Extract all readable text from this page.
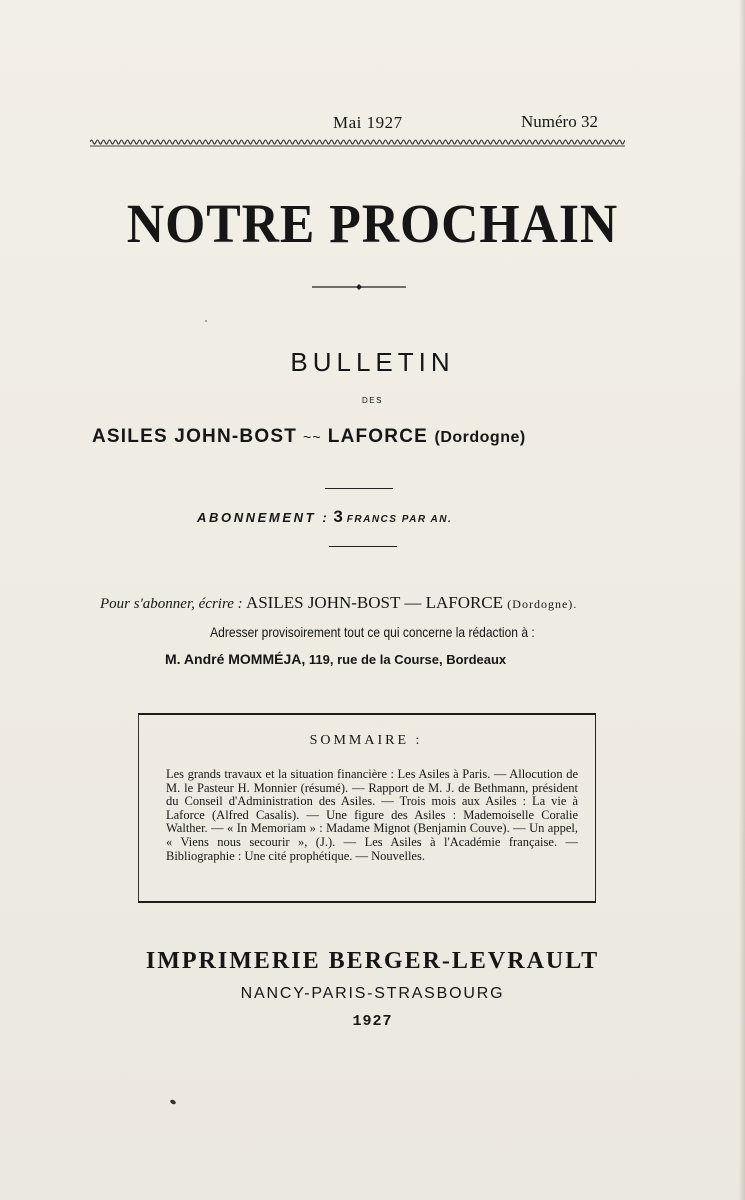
Mai 1927	Numéro 32
NOTRE PROCHAIN
BULLETIN
DES
ASILES JOHN-BOST ~~ LAFORCE (Dordogne)
ABONNEMENT : 3 FRANCS PAR AN.
Pour s'abonner, écrire : ASILES JOHN-BOST — LAFORCE (Dordogne).
Adresser provisoirement tout ce qui concerne la rédaction à :
M. André MOMMÉJA, 119, rue de la Course, Bordeaux
SOMMAIRE :
Les grands travaux et la situation financière : Les Asiles à Paris. — Allocution de M. le Pasteur H. Monnier (résumé). — Rapport de M. J. de Bethmann, président du Conseil d'Administration des Asiles. — Trois mois aux Asiles : La vie à Laforce (Alfred Casalis). — Une figure des Asiles : Mademoiselle Coralie Walther. — « In Memoriam » : Madame Mignot (Benjamin Couve). — Un appel, « Viens nous secourir », (J.). — Les Asiles à l'Académie française. — Bibliographie : Une cité prophétique. — Nouvelles.
IMPRIMERIE BERGER-LEVRAULT
NANCY-PARIS-STRASBOURG
1927
